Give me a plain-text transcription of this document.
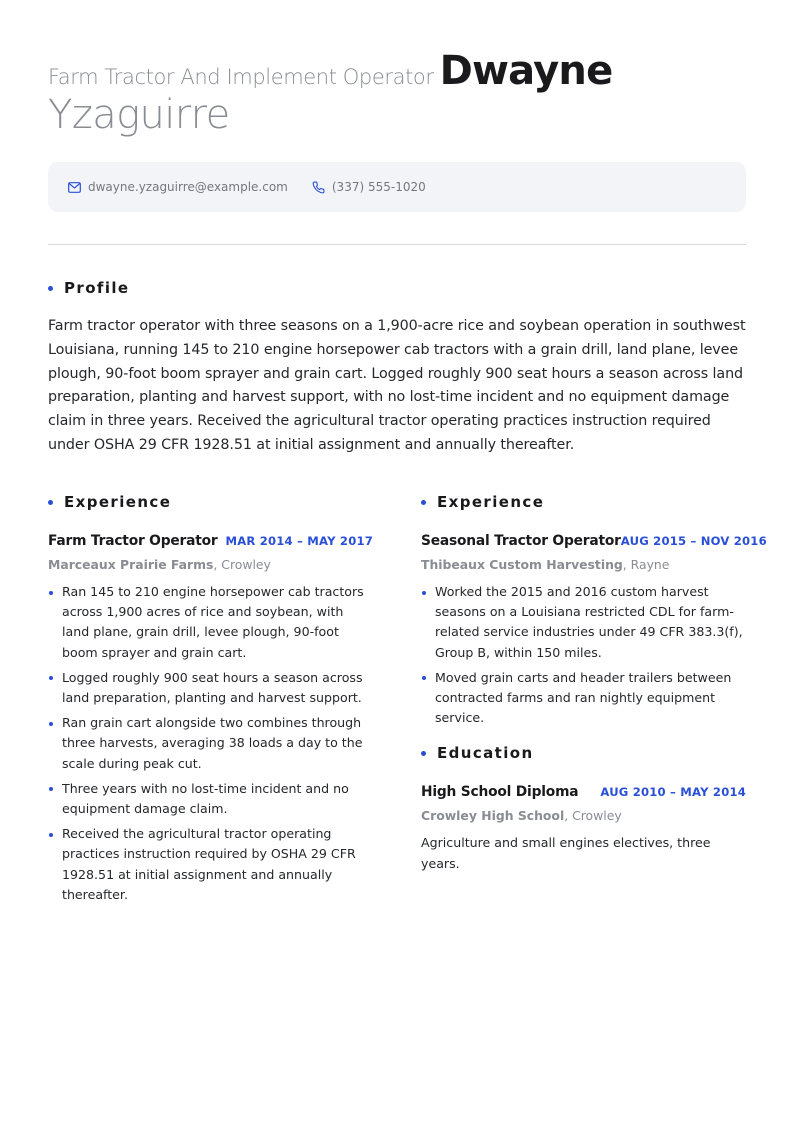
Farm Tractor And Implement Operator Dwayne
Yzaguirre
dwayne.yzaguirre@example.com	(337) 555-1020
Profile
Farm tractor operator with three seasons on a 1,900-acre rice and soybean operation in southwest Louisiana, running 145 to 210 engine horsepower cab tractors with a grain drill, land plane, levee plough, 90-foot boom sprayer and grain cart. Logged roughly 900 seat hours a season across land preparation, planting and harvest support, with no lost-time incident and no equipment damage claim in three years. Received the agricultural tractor operating practices instruction required under OSHA 29 CFR 1928.51 at initial assignment and annually thereafter.
Experience
Farm Tractor Operator MAR 2014 – MAY 2017
Marceaux Prairie Farms, Crowley
Ran 145 to 210 engine horsepower cab tractors across 1,900 acres of rice and soybean, with land plane, grain drill, levee plough, 90-foot boom sprayer and grain cart.
Logged roughly 900 seat hours a season across land preparation, planting and harvest support.
Ran grain cart alongside two combines through three harvests, averaging 38 loads a day to the scale during peak cut.
Three years with no lost-time incident and no equipment damage claim.
Received the agricultural tractor operating practices instruction required by OSHA 29 CFR 1928.51 at initial assignment and annually thereafter.
Experience
Seasonal Tractor Operator AUG 2015 – NOV 2016
Thibeaux Custom Harvesting, Rayne
Worked the 2015 and 2016 custom harvest seasons on a Louisiana restricted CDL for farm-related service industries under 49 CFR 383.3(f), Group B, within 150 miles.
Moved grain carts and header trailers between contracted farms and ran nightly equipment service.
Education
High School Diploma AUG 2010 – MAY 2014
Crowley High School, Crowley
Agriculture and small engines electives, three years.
